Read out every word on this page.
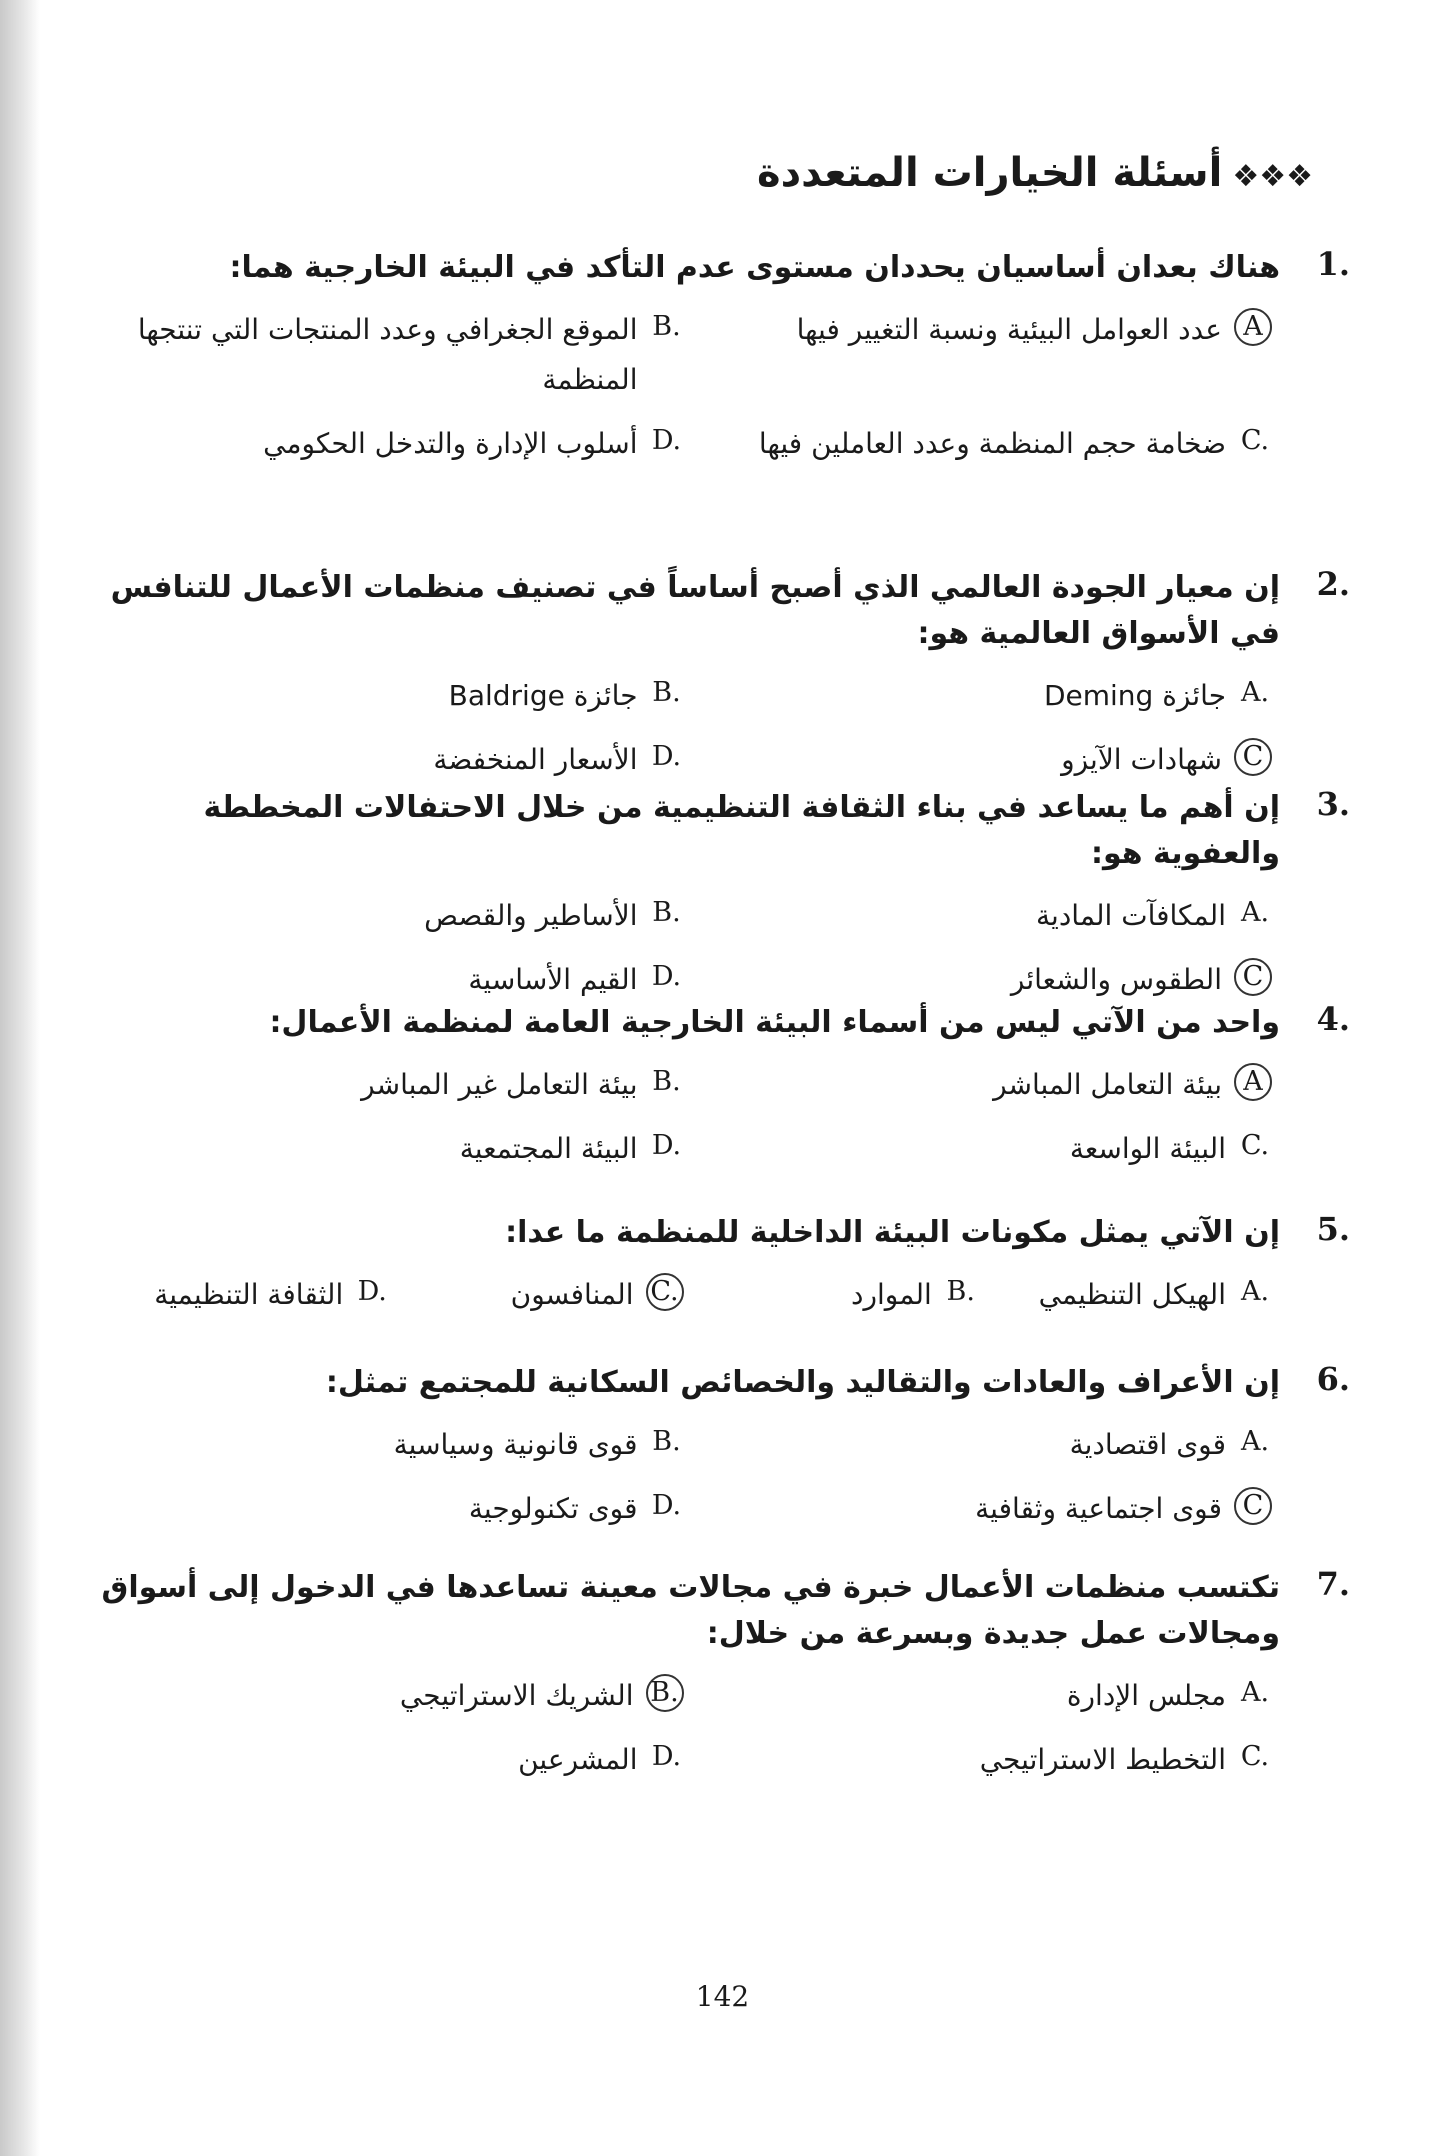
❖❖❖أسئلة الخيارات المتعددة
1.
هناك بعدان أساسيان يحددان مستوى عدم التأكد في البيئة الخارجية هما:
A
عدد العوامل البيئية ونسبة التغيير فيها
B.
الموقع الجغرافي وعدد المنتجات التي تنتجها المنظمة
C.
ضخامة حجم المنظمة وعدد العاملين فيها
D.
أسلوب الإدارة والتدخل الحكومي
2.
إن معيار الجودة العالمي الذي أصبح أساساً في تصنيف منظمات الأعمال للتنافس في الأسواق العالمية هو:
A.
جائزة Deming
B.
جائزة Baldrige
C
شهادات الآيزو
D.
الأسعار المنخفضة
3.
إن أهم ما يساعد في بناء الثقافة التنظيمية من خلال الاحتفالات المخططة والعفوية هو:
A.
المكافآت المادية
B.
الأساطير والقصص
C
الطقوس والشعائر
D.
القيم الأساسية
4.
واحد من الآتي ليس من أسماء البيئة الخارجية العامة لمنظمة الأعمال:
A
بيئة التعامل المباشر
B.
بيئة التعامل غير المباشر
C.
البيئة الواسعة
D.
البيئة المجتمعية
5.
إن الآتي يمثل مكونات البيئة الداخلية للمنظمة ما عدا:
A.
الهيكل التنظيمي
B.
الموارد
C.
المنافسون
D.
الثقافة التنظيمية
6.
إن الأعراف والعادات والتقاليد والخصائص السكانية للمجتمع تمثل:
A.
قوى اقتصادية
B.
قوى قانونية وسياسية
C
قوى اجتماعية وثقافية
D.
قوى تكنولوجية
7.
تكتسب منظمات الأعمال خبرة في مجالات معينة تساعدها في الدخول إلى أسواق ومجالات عمل جديدة وبسرعة من خلال:
A.
مجلس الإدارة
B.
الشريك الاستراتيجي
C.
التخطيط الاستراتيجي
D.
المشرعين
142
